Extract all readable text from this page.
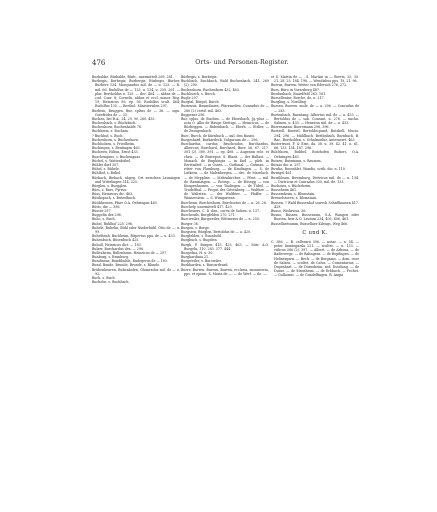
476	Orts- und Personen-Register.

Burbaldie, Bürbalde, Bürb., unermittelt 269, 281.

Burbegis, Burbegis, Burbergis, Bürbegis, Bürber, Burbere 134. Marquardus mil. de — u. 125. — R. mil. 66. Rudolfus de — 125, u. 134, u. 250, 261. — plur. Bertholdus u. 125. — dec. 464. — abbas de — cod. Conr. 8; Cornelii, abbas et eccl. minor. Reg. 19; Heinricus 56, ep. 56. Rudolfus scult. 464; Rudolfus 135. — Berthol. Ministerialen 297.

Burbein, Bruggen, Bur, cpltus de — 36. — sign. Gotefrides de — 33.

Buchen, bei B.A., 24, 29, 90, 260, 433.

Buchenbach, s. Büchibach.

Buchenhorn, Buchenhalde 78.

Buchheim, s. Buchain.

? Buchhof, s. Buch.

Buchenhorn, s. Buchenhorn.

Buchholzen, s. Friedheim.

Buchingen, s. Bentingen 463.

Buchenw, Hiltun, Ernst 433.

Buschenguns, s. Buchenguas.

Büchel, s. Wattenbühel.

Bühler dorf 307.

Bühel, s. Bühele.

Bühlhof, s. Bühel.

Bürbach, Birbach, abgeg. Ort zwischen Launingen und Wittelingen 314, 325.

Bürglen, s. Burgglen.

Bürs, s. Burs, Pyrrus.

Büss, Heinricus dic. 463.

Bütikopach, s. Butzelbach.

Bütikheusen, Pfarr O.A. Oehringen 463.

Bütts, die — 396.

Büsser 297.

Buggelin dez 296.

Buhc, s. Buch.

Buhel, Bühlhof 225, 296.

Buhele, Buhelin, Bühl oder Niederbühl, Otto de —, u. 99.

Buhelbenh, Buchheim, Bitpertus ppa. de — u. 433.

Buhenbuch, Büsenbuch 425.

Buhull, Heinricus dict. — 183.

Bulzer, Burchardus dez. — 296.

Bullenheim, Bullenheim, Heinricus de — 297.

Bunburg, s. Branburg.

Bundinens, Bundibuhle, Rudegerus de — 183.

Bund, Bunde, Brunde, Brunde, s. Blunde.

Brübenheuren, Bubenhofen, Ghunradus mil. de — u. 92.

Buch, s. Buch.

Buchebe, s. Buchbach.

Bürbegis, s. Burbegis.

Buchbach, Buchbach, Wald Buchenbach, 241. 269 (2). 290.

Buchenhorn, Buchenhorn 432, 463.

Buchburch, s. Burch.

Bugle 297.

Burgtal, Bürgel, Burch.

Buriensis, Beumdinien, Pfarrmeilen, Cunradus de — 280 (2) certif. mil. 463.

Buppener 296.

Bur, cplus. de Buchen. — de Ebersbach, Jg.-plus — acta Ö. Albo de Hauge Stettigo. — Heinricus. — de Bürbeggen. — Rübenbach. — Eberh. — Ettlier, — de Zweigenbach.

Burc, Burch, de Kürnbach — mil. den Bassis.

Burgeshard, Burkardeck, Vulgarium de — 296.

Burchardus, cardus, Bruchradus, Burchardus, Albercus, Burchard, Burchard, Burr. 56, 67. 217. 301 (2). 389. 391. — ep. 408. — Augensis ecle. et chris. — de Burrepos. S. Blazii. — der Ballast. — Monach. de Emphingis — in End — pleb. in Eerrinderf. — in Gssen. — Gutlimal. — Gutman. — ritter von Flamburg. — de Kindingen. — S. de Lutkern. — de Malenbergen. — dec. de Marelach. — de Meppline. — Mittenkircher. — Pfrot. — mil. de Rammingen. — Rotrup. — de Rösegg — von Kungenhausen. — von Tauliegen. — de Tübel. — Trudelthal. — Propst des Gittenberg. — Walther. — de Waltsten. — der Walthter. — Pfaffer. — Winnerstein. — S. Wimgartens.

Burchenn, Burcheshorn, Burchortus de — n. 26. 26.

Burchely, unermittelt 417. 429.

Burcheners, C. D. den., curva de Salzen. u. 137.

Burcheuils, Burgfelden 270. 271.

Burcweiler, Burgweiler, Wittmerus de — n. 250.

Burger 38.

Burgen, s. Burge.

Burgsten, Bürglen, Bertoldus de — u. 420.

Burgfelden, s. Buonbold.

Burgbuch, s. Bugelen.

Burgh, P. Burgen 415, 425, 463. — Mitr. A.O. Burgeln, 110. 283. 377. 444.

Burgedna, H. u. 30.

Burghardinia 21.

Burgweiler, s. Burcwiler.

Burkharden, s. Burcardeard.

Burre, Burren, Burrun, Burren, ecclesia, monasteria, pps. et epium. S. Maria de —. — de Werf. — de. —.

et S. Martin de — , S. Martini in — Brevis, 25, 30. 21. 28. 25. 184. 198. — Wendisbus pps. 19, 21. 96.

Burrus, Burren, Weiter von Ederach 276, 272.

Burs, Büro in Vorariberg 487.

Burdunbach, Buurdfeld 263. 181.

Bursellentur, Borche, de, n. 217.

Burgling, s. Nordling.

Bursen, Bueren, mole. de — u. 296. — Conradus de — 283.

Burtenbach, Buentang, Albertus mil. de — u. 433. — Bertoldus de — sab. Conrant. u. 276. — nacha. Salmen. u. 433. — Henricus mil. de — u. 433.

Burrenmann, Bueremann 296, 396.

Burtzell, Bueriel, Bertoldecpund, Butzkell, Mucia. 294, 296. — Mühlbach, Bettliebach, Bornbach, B. Bar., Bertholden, s. Schalmutlur, Anteraerrt. 463.

Buttertrunt, F. & Ernt, da. 38. u. 39. 42. 41. u. 61. 66. 133. 134. 187. 296.

Bulchhorn, Bubbel, Butzhofen Bulzeri, O.A. Oehringen 463.

Butzen, Butzmann, s. Baumen.

Büraio dio. n. 297.

Buwlin, Buosehlet, Wandio, scrib. dio. n. 110.

Buwigel 461.

Buwiliburn, Buwinburg, Dietricus mil. de — n. 134. — Dietricus et Cunradus 330, mil. de. 133.

Bucheins, s. Bücheheim.

Busseheim 461.

Bussemheim, s. Blomstain.

Bresselstoren, s. Blomstain.

Bussen, ? Wald Bussenhof sowech Schaffhausen 417. 429.

Busso, Wishrious. 36.

Busno, Bussen, Bussenrain, O.A. Wangen oder Bussen, heir A.O. Leutum 234, 405, 406, 461.

Bussellnetsumm, Bussellaer Kilengs, Weg 466.

C und K.

C. 386. — B. cellerarii 396. — notar. — n. 54. — peter Immingarda 221. — scultet. — n. 133. — viilicus 386 (2). 397. — Albert. — de Arbona. — de Baderwege. — de Balingens. — de Bopfingen. — de Helinergarn. — Bech. — de Bergamo. — dom. cure de Salzen. — scultet. de Calva. — Comentarius. — Degenhart. — de Dürnsheim. sed. Esselung. — de Durae. — de Eisenheim. — de Erbbach. — Fechet. — Galhomri. — de Gundelfingen. B. Angia
